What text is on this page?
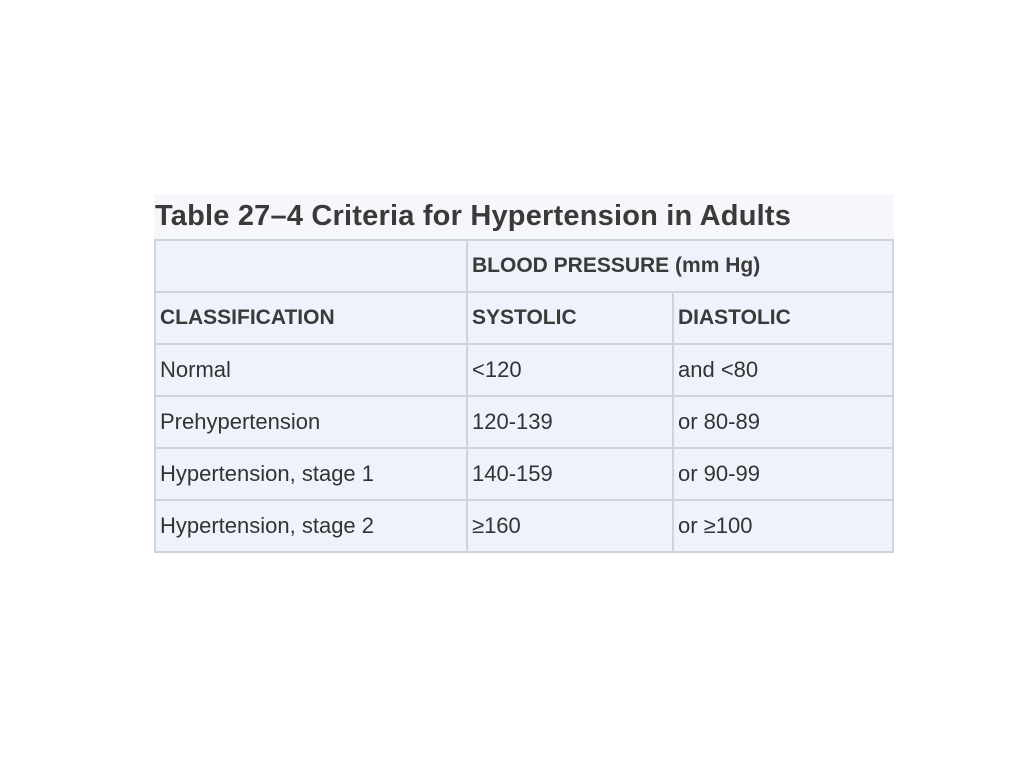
Table 27–4 Criteria for Hypertension in Adults
	BLOOD PRESSURE (mm Hg)	
CLASSIFICATION	SYSTOLIC	DIASTOLIC
Normal	<120	and <80
Prehypertension	120-139	or 80-89
Hypertension, stage 1	140-159	or 90-99
Hypertension, stage 2	≥160	or ≥100
